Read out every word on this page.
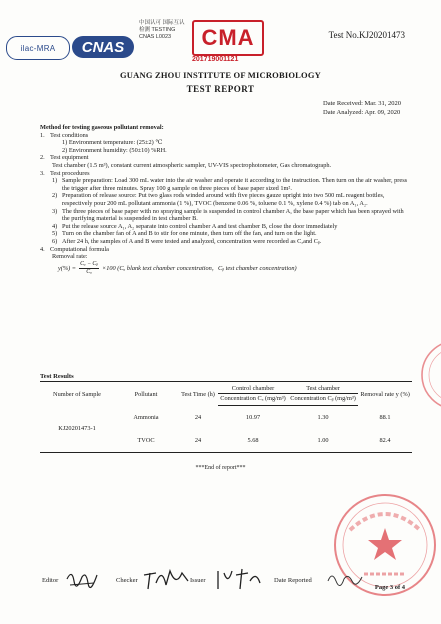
ilac-MRA	CNAS
中国认可 国际互认 检测 TESTING CNAS L0023	CMA
201719001121
Test No.KJ20201473
GUANG ZHOU INSTITUTE OF MICROBIOLOGY
TEST REPORT
Date Received: Mar. 31, 2020
Date Analyzed: Apr. 09, 2020
Method for testing gaseous pollutant removal:
1. Test conditions
1) Environment temperature: (25±2) ℃
2) Environment humidity: (50±10) %RH.
2. Test equipment
Test chamber (1.5 m³), constant current atmospheric sampler, UV-VIS spectrophotometer, Gas chromatograph.
3. Test procedures
1) Sample preparation: Load 300 mL water into the air washer and operate it according to the instruction. Then turn on the air washer, press the trigger after three minutes. Spray 100 g sample on three pieces of base paper sized 1m².
2) Preparation of release source: Put two glass rods winded around with five pieces gauze upright into two 500 mL reagent bottles, respectively pour 200 mL pollutant ammonia (1 %), TVOC (benzene 0.06 %, toluene 0.1 %, xylene 0.4 %) tab on A₁, A₂.
3) The three pieces of base paper with no spraying sample is suspended in control chamber A, the base paper which has been sprayed with the purifying material is suspended in test chamber B.
4) Put the release source A₁, A₂ separate into control chamber A and test chamber B, close the door immediately
5) Turn on the chamber fan of A and B to stir for one minute, then turn off the fan, and turn on the light.
6) After 24 h, the samples of A and B were tested and analyzed, concentration were recorded as Cₐand Cᵦ.
4. Computational formula
Removal rate:
$y(\%) = \frac{\text{Cₐ − Cᵦ}}{\text{Cₐ}} \times 100$ (Cₐ blank text chamber concentration，Cᵦ test chamber concentration)
Test Results
Number of Sample	Pollutant	Test Time (h)	Control chamber	Test chamber	Removal rate y (%)
			Concentration Cₐ (mg/m³)	Concentration Cᵦ (mg/m³)	
KJ20201473-1	Ammonia	24	10.97	1.30	88.1
	TVOC	24	5.68	1.00	82.4
***End of report***
Editor	Checker	Issuer	Date Reported
Page 3 of 4
